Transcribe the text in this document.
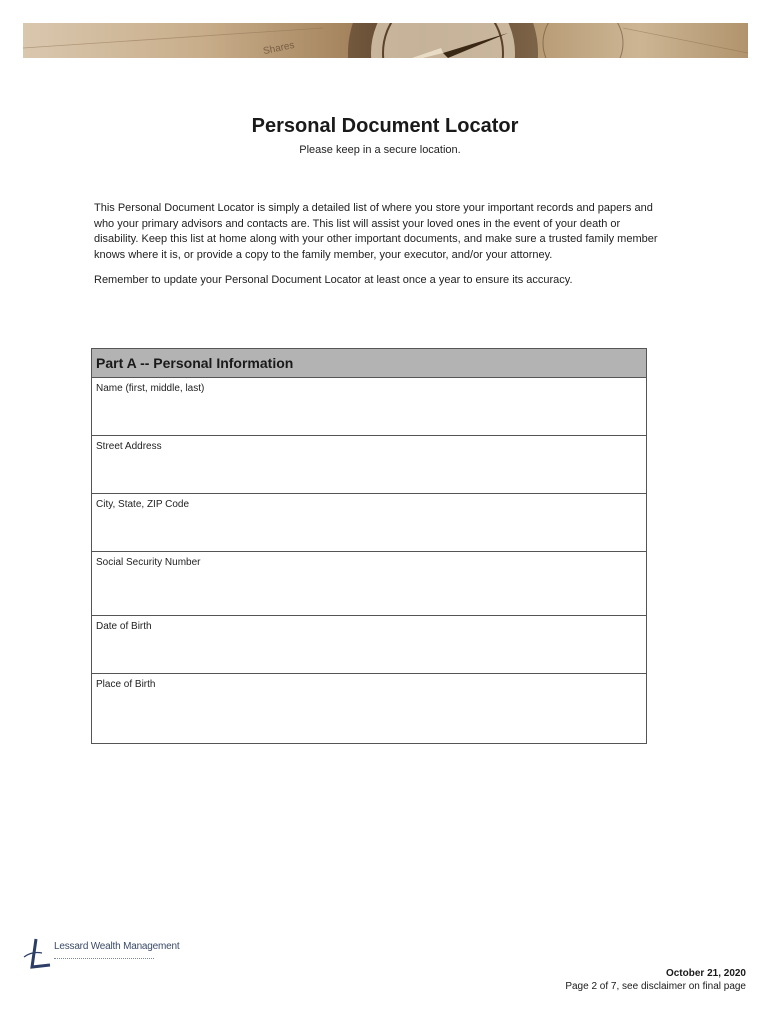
Shares
Personal Document Locator
Please keep in a secure location.

This Personal Document Locator is simply a detailed list of where you store your important records and papers and who your primary advisors and contacts are. This list will assist your loved ones in the event of your death or disability. Keep this list at home along with your other important documents, and make sure a trusted family member knows where it is, or provide a copy to the family member, your executor, and/or your attorney.

Remember to update your Personal Document Locator at least once a year to ensure its accuracy.

Part A -- Personal Information
Name (first, middle, last)
Street Address
City, State, ZIP Code
Social Security Number
Date of Birth
Place of Birth
Lessard Wealth Management
October 21, 2020
Page 2 of 7, see disclaimer on final page
